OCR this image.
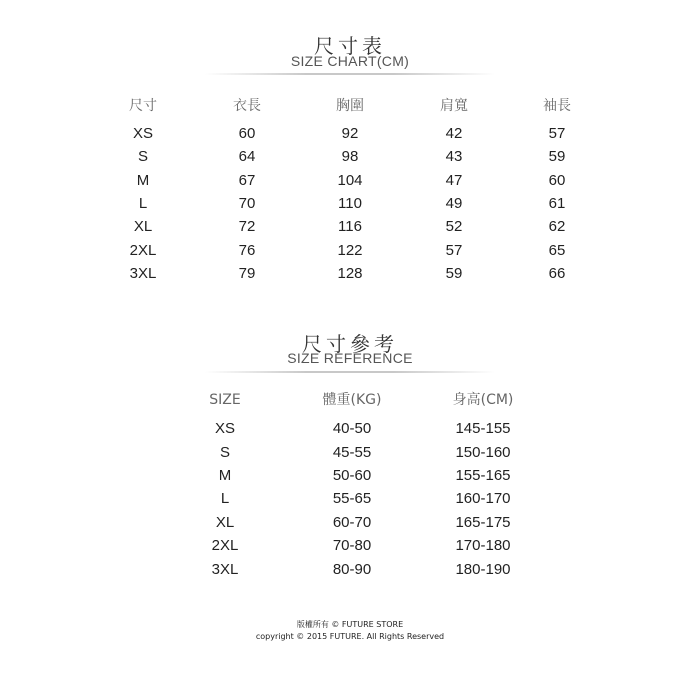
尺寸表
SIZE CHART(CM)
尺寸	衣長	胸圍	肩寬	袖長
XS	60	92	42	57
S	64	98	43	59
M	67	104	47	60
L	70	110	49	61
XL	72	116	52	62
2XL	76	122	57	65
3XL	79	128	59	66
尺寸參考
SIZE REFERENCE
SIZE	體重(KG)	身高(CM)
XS	40-50	145-155
S	45-55	150-160
M	50-60	155-165
L	55-65	160-170
XL	60-70	165-175
2XL	70-80	170-180
3XL	80-90	180-190
版權所有 © FUTURE STORE
copyright © 2015 FUTURE. All Rights Reserved
